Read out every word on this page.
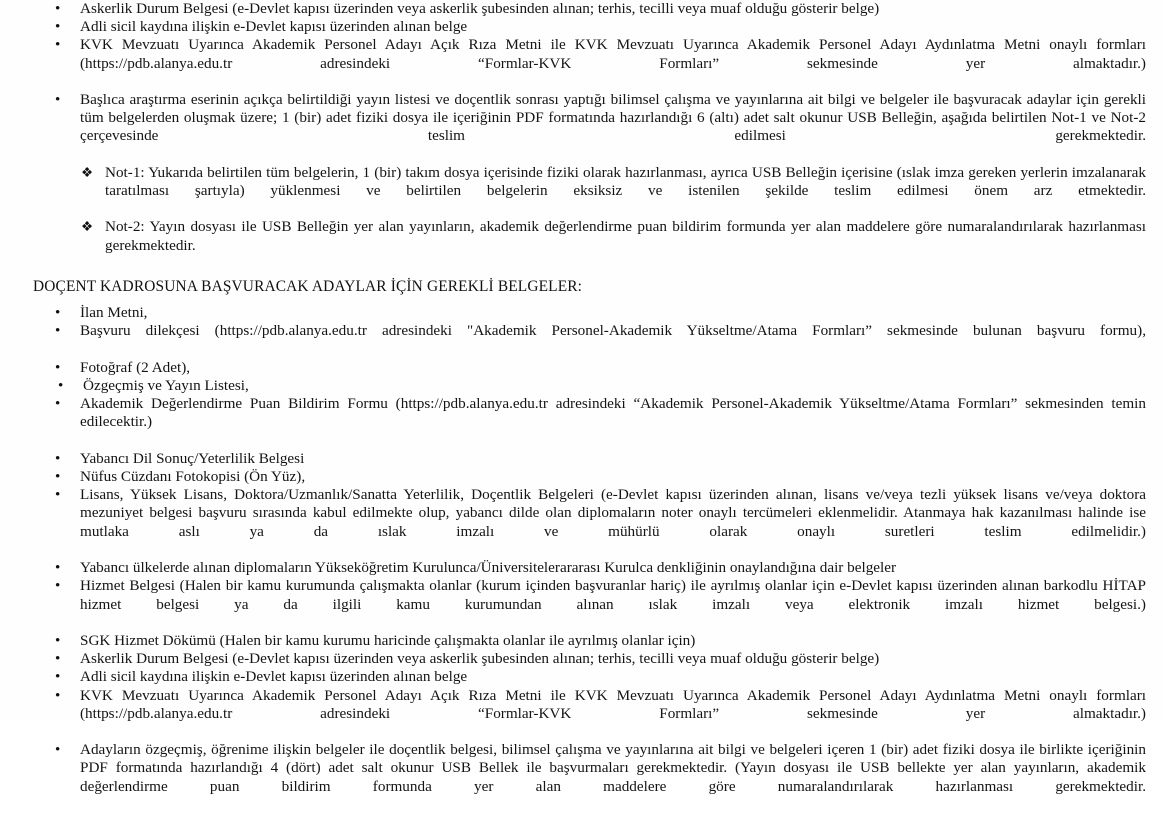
•	Askerlik Durum Belgesi (e-Devlet kapısı üzerinden veya askerlik şubesinden alınan; terhis, tecilli veya muaf olduğu gösterir belge)
•	Adli sicil kaydına ilişkin e-Devlet kapısı üzerinden alınan belge
•	KVK Mevzuatı Uyarınca Akademik Personel Adayı Açık Rıza Metni ile KVK Mevzuatı Uyarınca Akademik Personel Adayı Aydınlatma Metni onaylı formları (https://pdb.alanya.edu.tr adresindeki “Formlar-KVK Formları” sekmesinde yer almaktadır.)
•	Başlıca araştırma eserinin açıkça belirtildiği yayın listesi ve doçentlik sonrası yaptığı bilimsel çalışma ve yayınlarına ait bilgi ve belgeler ile başvuracak adaylar için gerekli tüm belgelerden oluşmak üzere; 1 (bir) adet fiziki dosya ile içeriğinin PDF formatında hazırlandığı 6 (altı) adet salt okunur USB Belleğin, aşağıda belirtilen Not-1 ve Not-2 çerçevesinde teslim edilmesi gerekmektedir.
❖ Not-1: Yukarıda belirtilen tüm belgelerin, 1 (bir) takım dosya içerisinde fiziki olarak hazırlanması, ayrıca USB Belleğin içerisine (ıslak imza gereken yerlerin imzalanarak taratılması şartıyla) yüklenmesi ve belirtilen belgelerin eksiksiz ve istenilen şekilde teslim edilmesi önem arz etmektedir.
❖ Not-2: Yayın dosyası ile USB Belleğin yer alan yayınların, akademik değerlendirme puan bildirim formunda yer alan maddelere göre numaralandırılarak hazırlanması gerekmektedir.
DOÇENT KADROSUNA BAŞVURACAK ADAYLAR İÇİN GEREKLİ BELGELER:
•	İlan Metni,
•	Başvuru dilekçesi (https://pdb.alanya.edu.tr adresindeki "Akademik Personel-Akademik Yükseltme/Atama Formları” sekmesinde bulunan başvuru formu),
•	Fotoğraf (2 Adet),
•	Özgeçmiş ve Yayın Listesi,
•	Akademik Değerlendirme Puan Bildirim Formu (https://pdb.alanya.edu.tr adresindeki “Akademik Personel-Akademik Yükseltme/Atama Formları” sekmesinden temin edilecektir.)
•	Yabancı Dil Sonuç/Yeterlilik Belgesi
•	Nüfus Cüzdanı Fotokopisi (Ön Yüz),
•	Lisans, Yüksek Lisans, Doktora/Uzmanlık/Sanatta Yeterlilik, Doçentlik Belgeleri (e-Devlet kapısı üzerinden alınan, lisans ve/veya tezli yüksek lisans ve/veya doktora mezuniyet belgesi başvuru sırasında kabul edilmekte olup, yabancı dilde olan diplomaların noter onaylı tercümeleri eklenmelidir. Atanmaya hak kazanılması halinde ise mutlaka aslı ya da ıslak imzalı ve mühürlü olarak onaylı suretleri teslim edilmelidir.)
•	Yabancı ülkelerde alınan diplomaların Yükseköğretim Kurulunca/Üniversitelerararası Kurulca denkliğinin onaylandığına dair belgeler
•	Hizmet Belgesi (Halen bir kamu kurumunda çalışmakta olanlar (kurum içinden başvuranlar hariç) ile ayrılmış olanlar için e-Devlet kapısı üzerinden alınan barkodlu HİTAP hizmet belgesi ya da ilgili kamu kurumundan alınan ıslak imzalı veya elektronik imzalı hizmet belgesi.)
•	SGK Hizmet Dökümü (Halen bir kamu kurumu haricinde çalışmakta olanlar ile ayrılmış olanlar için)
•	Askerlik Durum Belgesi (e-Devlet kapısı üzerinden veya askerlik şubesinden alınan; terhis, tecilli veya muaf olduğu gösterir belge)
•	Adli sicil kaydına ilişkin e-Devlet kapısı üzerinden alınan belge
•	KVK Mevzuatı Uyarınca Akademik Personel Adayı Açık Rıza Metni ile KVK Mevzuatı Uyarınca Akademik Personel Adayı Aydınlatma Metni onaylı formları (https://pdb.alanya.edu.tr adresindeki “Formlar-KVK Formları” sekmesinde yer almaktadır.)
•	Adayların özgeçmiş, öğrenime ilişkin belgeler ile doçentlik belgesi, bilimsel çalışma ve yayınlarına ait bilgi ve belgeleri içeren 1 (bir) adet fiziki dosya ile birlikte içeriğinin PDF formatında hazırlandığı 4 (dört) adet salt okunur USB Bellek ile başvurmaları gerekmektedir. (Yayın dosyası ile USB bellekte yer alan yayınların, akademik değerlendirme puan bildirim formunda yer alan maddelere göre numaralandırılarak hazırlanması gerekmektedir.
